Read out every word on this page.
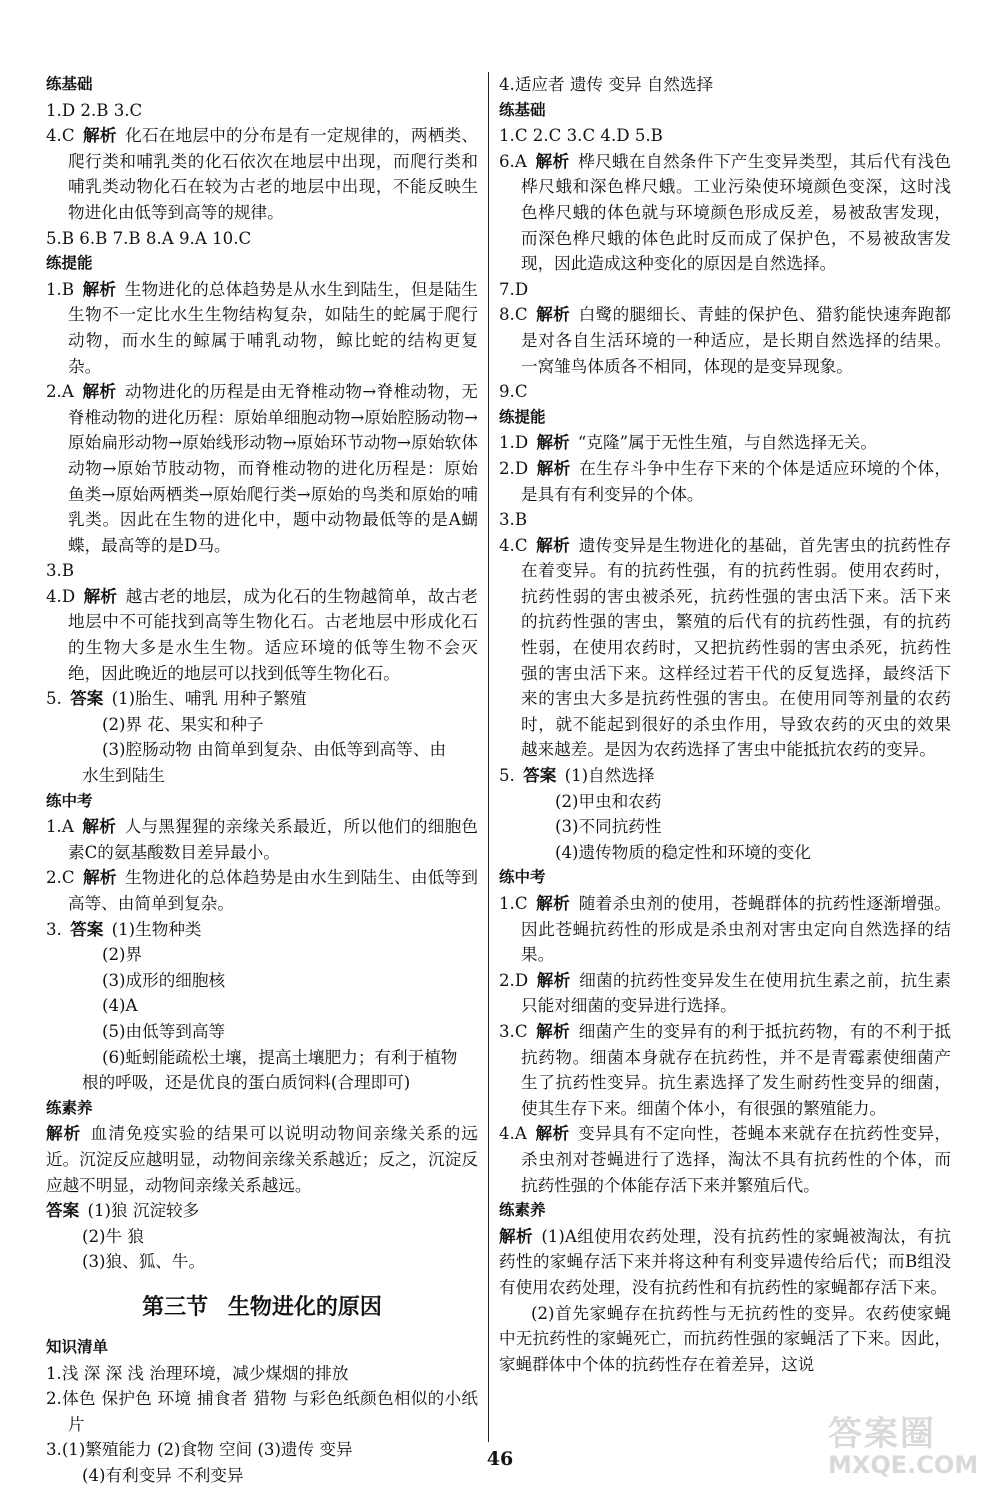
练基础
1.D 2.B 3.C
4.C  解析  化石在地层中的分布是有一定规律的，两栖类、爬行类和哺乳类的化石依次在地层中出现，而爬行类和哺乳类动物化石在较为古老的地层中出现，不能反映生物进化由低等到高等的规律。
5.B 6.B 7.B 8.A 9.A 10.C
练提能
1.B  解析  生物进化的总体趋势是从水生到陆生，但是陆生生物不一定比水生生物结构复杂，如陆生的蛇属于爬行动物，而水生的鲸属于哺乳动物，鲸比蛇的结构更复杂。
2.A  解析  动物进化的历程是由无脊椎动物→脊椎动物，无脊椎动物的进化历程：原始单细胞动物→原始腔肠动物→原始扁形动物→原始线形动物→原始环节动物→原始软体动物→原始节肢动物，而脊椎动物的进化历程是：原始鱼类→原始两栖类→原始爬行类→原始的鸟类和原始的哺乳类。因此在生物的进化中，题中动物最低等的是A蝴蝶，最高等的是D马。
3.B
4.D  解析  越古老的地层，成为化石的生物越简单，故古老地层中不可能找到高等生物化石。古老地层中形成化石的生物大多是水生生物。适应环境的低等生物不会灭绝，因此晚近的地层可以找到低等生物化石。
5.  答案  (1)胎生、哺乳 用种子繁殖
(2)界 花、果实和种子
(3)腔肠动物 由简单到复杂、由低等到高等、由
水生到陆生
练中考
1.A  解析  人与黑猩猩的亲缘关系最近，所以他们的细胞色素C的氨基酸数目差异最小。
2.C  解析  生物进化的总体趋势是由水生到陆生、由低等到高等、由简单到复杂。
3.  答案  (1)生物种类
(2)界
(3)成形的细胞核
(4)A
(5)由低等到高等
(6)蚯蚓能疏松土壤，提高土壤肥力；有利于植物
根的呼吸，还是优良的蛋白质饲料(合理即可)
练素养
解析  血清免疫实验的结果可以说明动物间亲缘关系的远近。沉淀反应越明显，动物间亲缘关系越近；反之，沉淀反应越不明显，动物间亲缘关系越远。
答案  (1)狼 沉淀较多
(2)牛 狼
(3)狼、狐、牛。
第三节 生物进化的原因
知识清单
1.浅 深 深 浅 治理环境，减少煤烟的排放
2.体色 保护色 环境 捕食者 猎物 与彩色纸颜色相似的小纸片
3.(1)繁殖能力 (2)食物 空间 (3)遗传 变异
(4)有利变异 不利变异
4.适应者 遗传 变异 自然选择
练基础
1.C 2.C 3.C 4.D 5.B
6.A  解析  桦尺蛾在自然条件下产生变异类型，其后代有浅色桦尺蛾和深色桦尺蛾。工业污染使环境颜色变深，这时浅色桦尺蛾的体色就与环境颜色形成反差，易被敌害发现，而深色桦尺蛾的体色此时反而成了保护色，不易被敌害发现，因此造成这种变化的原因是自然选择。
7.D
8.C  解析  白鹭的腿细长、青蛙的保护色、猎豹能快速奔跑都是对各自生活环境的一种适应，是长期自然选择的结果。一窝雏鸟体质各不相同，体现的是变异现象。
9.C
练提能
1.D  解析  “克隆”属于无性生殖，与自然选择无关。
2.D  解析  在生存斗争中生存下来的个体是适应环境的个体，是具有有利变异的个体。
3.B
4.C  解析  遗传变异是生物进化的基础，首先害虫的抗药性存在着变异。有的抗药性强，有的抗药性弱。使用农药时，抗药性弱的害虫被杀死，抗药性强的害虫活下来。活下来的抗药性强的害虫，繁殖的后代有的抗药性强，有的抗药性弱，在使用农药时，又把抗药性弱的害虫杀死，抗药性强的害虫活下来。这样经过若干代的反复选择，最终活下来的害虫大多是抗药性强的害虫。在使用同等剂量的农药时，就不能起到很好的杀虫作用，导致农药的灭虫的效果越来越差。是因为农药选择了害虫中能抵抗农药的变异。
5.  答案  (1)自然选择
(2)甲虫和农药
(3)不同抗药性
(4)遗传物质的稳定性和环境的变化
练中考
1.C  解析  随着杀虫剂的使用，苍蝇群体的抗药性逐渐增强。因此苍蝇抗药性的形成是杀虫剂对害虫定向自然选择的结果。
2.D  解析  细菌的抗药性变异发生在使用抗生素之前，抗生素只能对细菌的变异进行选择。
3.C  解析  细菌产生的变异有的利于抵抗药物，有的不利于抵抗药物。细菌本身就存在抗药性，并不是青霉素使细菌产生了抗药性变异。抗生素选择了发生耐药性变异的细菌，使其生存下来。细菌个体小，有很强的繁殖能力。
4.A  解析  变异具有不定向性，苍蝇本来就存在抗药性变异，杀虫剂对苍蝇进行了选择，淘汰不具有抗药性的个体，而抗药性强的个体能存活下来并繁殖后代。
练素养
解析  (1)A组使用农药处理，没有抗药性的家蝇被淘汰，有抗药性的家蝇存活下来并将这种有利变异遗传给后代；而B组没有使用农药处理，没有抗药性和有抗药性的家蝇都存活下来。
(2)首先家蝇存在抗药性与无抗药性的变异。农药使家蝇中无抗药性的家蝇死亡，而抗药性强的家蝇活了下来。因此，家蝇群体中个体的抗药性存在着差异，这说
46
答案圈
MXQE.COM
